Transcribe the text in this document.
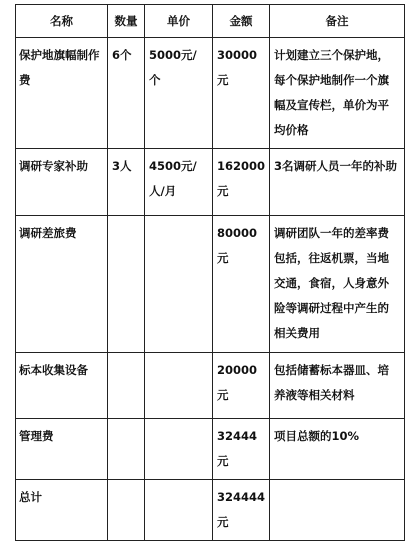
名称	数量	单价	金额	备注
保护地旗幅制作费	6个	5000元/个	30000元	计划建立三个保护地，每个保护地制作一个旗幅及宣传栏，单价为平均价格
调研专家补助	3人	4500元/人/月	162000元	3名调研人员一年的补助
调研差旅费			80000元	调研团队一年的差率费包括，往返机票，当地交通，食宿，人身意外险等调研过程中产生的相关费用
标本收集设备			20000元	包括储蓄标本器皿、培养液等相关材料
管理费			32444元	项目总额的10%
总计			324444元	
